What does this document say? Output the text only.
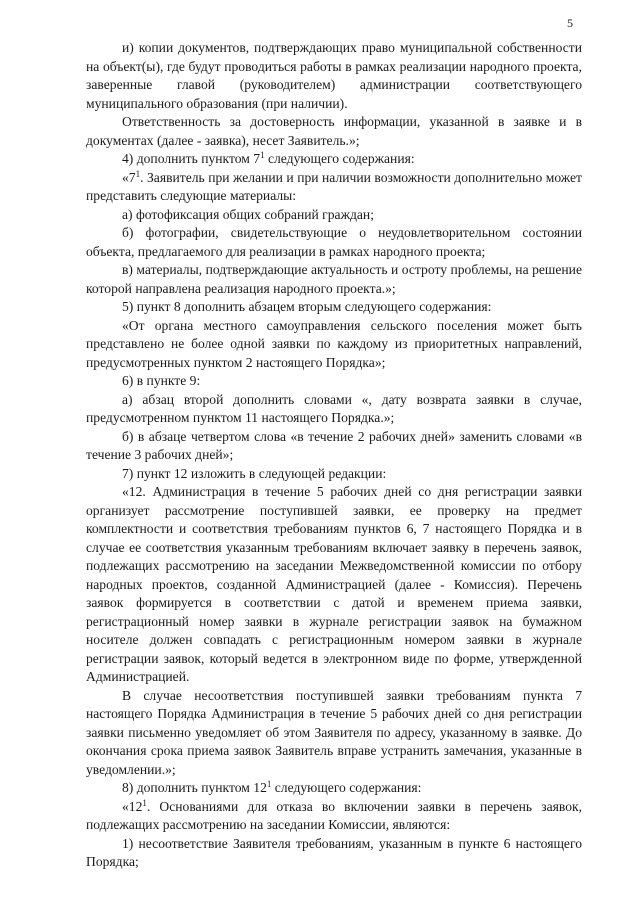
5

и) копии документов, подтверждающих право муниципальной собственности на объект(ы), где будут проводиться работы в рамках реализации народного проекта, заверенные главой (руководителем) администрации соответствующего муниципального образования (при наличии).

Ответственность за достоверность информации, указанной в заявке и в документах (далее - заявка), несет Заявитель.»;

4) дополнить пунктом $7^1$ следующего содержания:

«$7^1$. Заявитель при желании и при наличии возможности дополнительно может представить следующие материалы:

а) фотофиксация общих собраний граждан;

б) фотографии, свидетельствующие о неудовлетворительном состоянии объекта, предлагаемого для реализации в рамках народного проекта;

в) материалы, подтверждающие актуальность и остроту проблемы, на решение которой направлена реализация народного проекта.»;

5) пункт 8 дополнить абзацем вторым следующего содержания:

«От органа местного самоуправления сельского поселения может быть представлено не более одной заявки по каждому из приоритетных направлений, предусмотренных пунктом 2 настоящего Порядка»;

6) в пункте 9:

а) абзац второй дополнить словами «, дату возврата заявки в случае, предусмотренном пунктом 11 настоящего Порядка.»;

б) в абзаце четвертом слова «в течение 2 рабочих дней» заменить словами «в течение 3 рабочих дней»;

7) пункт 12 изложить в следующей редакции:

«12. Администрация в течение 5 рабочих дней со дня регистрации заявки организует рассмотрение поступившей заявки, ее проверку на предмет комплектности и соответствия требованиям пунктов 6, 7 настоящего Порядка и в случае ее соответствия указанным требованиям включает заявку в перечень заявок, подлежащих рассмотрению на заседании Межведомственной комиссии по отбору народных проектов, созданной Администрацией (далее - Комиссия). Перечень заявок формируется в соответствии с датой и временем приема заявки, регистрационный номер заявки в журнале регистрации заявок на бумажном носителе должен совпадать с регистрационным номером заявки в журнале регистрации заявок, который ведется в электронном виде по форме, утвержденной Администрацией.

В случае несоответствия поступившей заявки требованиям пункта 7 настоящего Порядка Администрация в течение 5 рабочих дней со дня регистрации заявки письменно уведомляет об этом Заявителя по адресу, указанному в заявке. До окончания срока приема заявок Заявитель вправе устранить замечания, указанные в уведомлении.»;

8) дополнить пунктом $12^1$ следующего содержания:

«$12^1$. Основаниями для отказа во включении заявки в перечень заявок, подлежащих рассмотрению на заседании Комиссии, являются:

1) несоответствие Заявителя требованиям, указанным в пункте 6 настоящего Порядка;
